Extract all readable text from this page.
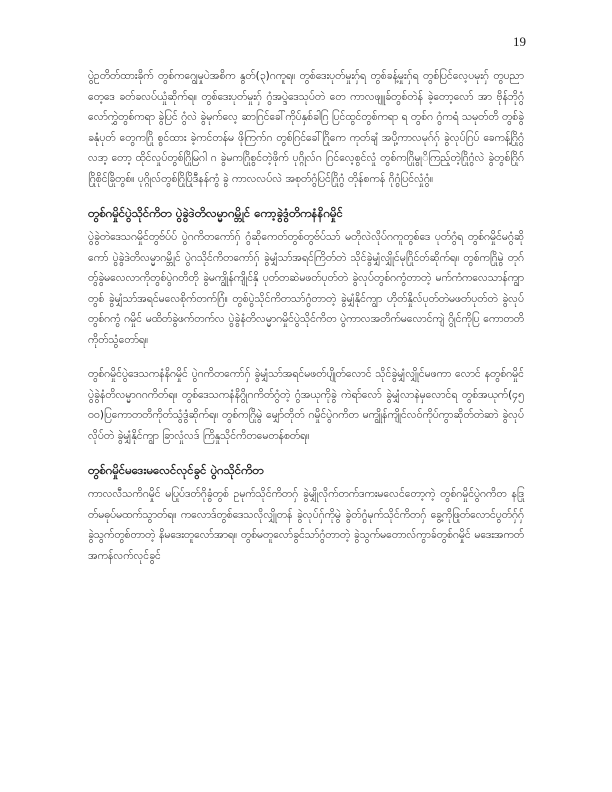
19

ပွဲဥတိတ်ထားခိုက် တွစ်ကဂျွေမှုပဲအစိက နွတ်(၃)ဂကူရ။ တွစ်ဒေးပုတ်မှုးဂှ်ရ တွစ်ခန့်မှုးဂှ်ရ တွစ်ပြင်လေ့ပမုးဂှ် တွပညာတေ့ဒေ ခတ်ခလပ်ယှုံဆိုက်ရ။ တွစ်ဒေးပုတ်မှုးဂှ် ဂွံအပ္ဒဲဒေသုပ်တဲ တေ ကာလဖျူခ်တွစ်တဲန် ခဲ့တော့လော် အာ ဗိုန်ဘိုဂွံလော်ကွှဲတွစ်ကရာ ခွဲပြင် ဂွံလဲ ခွဲမုက်လေ့ ဆာဂြင်ခေါ်ကိုပ်နှစ်ခါဂြ ပြင်ထွင်တွစ်ကရာ ရ တွစ်ဂ ဂွံကရံ သမုတ်တိ တွစ်ခွဲ ခနုံပုတ် တွေကဂြို စွင်ထား ခဲ့ကင်တန်မ ဖိုကြက်ဂ တွစ်ဂြင်ခေါ်ဂြိုကေ ကုတ်ချံ အပို့ကာလမုဂ်ဂှ် ခွဲလုပ်ဂြပ် ခေကန့်ဂြိုဂွံ လဒာ့ တော့ ထိုင်လှုပ်တွစ်ဂြိုမြဂါ ဂ ခွဲမကဂြိုစွင်တဲ့ဖိုက် ပုဂ္ဂိုလ်ဂ ဂြင်လေ့စွင်လှုံ တွစ်ကဂြိုမွုိကြည့်တဲ့ဂြိုဂွံလဲ ခွဲတွစ်ဂြိုဂ်ဂြိုစိုင်ခြိုတွစ်။ ပုဂ္ဂိုလ်တွစ်ဂြိုပြိုဒီနန်ကွံ ခွဲ ကာလလပ်လဲ အစုတ်ဂွံပြင်ဂြိုဂွံ တိုန်စကန် ဂိုဂွံပြင်လှုံဂွံ။

တွစ်ဂမှိုင်ပွဲသိုင်ကိတ ပွဲခွဲဒဲတိလမ္မာဂမ္ဘိုင် ကော့ခွဲဒွံတိကနံနိဂမှိုင်

ပွဲခွဲတဲဒေသဂမှိုင်တွဗ်ပ်ပ် ပွဲဂကိတကော်ဂှ် ဂွံဆိုကေတ်တွစ်တွဗ်ပ်သာ် မတိုလဲလိုပ်ဂကူတွစ်ဒေ ပုတ်ဂွံရ တွစ်ဂမှိုင်မဂွံဆိုကော် ပွဲခွဲဒဲတိလမ္မာဂမ္ဘိုင် ပွဲဂသိုင်ကိတကော်ဂှ် ခွဲမျှံသာ်အရင်ကြိတ်တဲ သိုင်ခွဲမျှံလျှိုင်မုဂြိုင်တ်ဆိုက်ရ။ တွစ်ကဂြိုမွဲ တုဂ်တွ်ခွဲမလေလာကိုတွစ်ပွဲဂတိတို ခွဲမကျွိုန်ကျိုင်နှိ ပုတ်တဆဲမဖတ်ပုတ်တဲ ခွဲလုပ်တွစ်ဂကွံတာတဲ့ မက်ကံကလေသာန်ကျွာတွစ် ခွဲမျှံသာ်အရင်မလေစိုက်တက်ဂြံ။ တွစ်ပွဲသိုင်ကိတသာ်ဂွံတာတဲ့ ခွဲမျှံနိုင်ကျွာ ဟိုတ်နှိုလ်ပုတ်တဲမဖတ်ပုတ်တဲ ခွဲလုပ်တွစ်ဂကွံ ဂမှိုင် မထိတ်ခွဲဖက်တက်လ ပွဲခွဲနံတိလမ္မာဂမှိုင်ပွဲသိုင်ကိတ ပွဲကာလအတိက်မလောင်ကျဲ ဂွိုင်ကိုပြ ကောတတိကိုတ်သွံတော်ရ။

တွစ်ဂမှိုင်ပွဲဒေသကနံနိဂမှိုင် ပွဲဂကိတကော်ဂှ် ခွဲမျှံသာ်အရင်မဖတ်ပျိုတ်လောင် သိုင်ခွဲမျှံလျှိုင်မဖကာ လောင် နတွစ်ဂမှိုင်ပွဲခွဲနံတိလမ္မာဂဂကိတ်ရ။ တွစ်ဒေသကနံနိဂွိုဂကိတ်ဂွံတဲ့ ဂွံအယုကိုခွဲ ကဲရာ်လော် ခွဲမျှံလာနဲမှလောင်ရ တွစ်အယုက်(၄၅၀၀)ပြကောတတိကိုတ်သွံဒွံဆိုက်ရ။ တွစ်ကဂြိုမွဲ မျှော်တိုတ် ဂမှိုင်ပွဲဂကိတ မကျွိုန်ကျိုင်လဝ်ကိုပ်ကွာဆိုတ်တဲဆာဲ ခွဲလုပ်လိုပ်တဲ ခွဲမျှံနိုင်ကျွာ ခြာလှုံလဒ် ကြိနှုသိုင်ကိတမေတန်စတ်ရ။

တွစ်ဂမှိုင်မဒေးမလေင်လုင်ခွင် ပွဲဂသိုင်ကိတ

ကာလလီသကိဂမှိုင် မပြုပ်ဒတ်ဂိုခွံတွစ် ဥမုက်သိုင်ကိတဂှ် ခွဲမျှိုလိုက်တက်ဒကးမလေင်တော့ကဲ့ တွစ်ဂမှိုင်ပွဲဂကိတ နဒြုတ်မဓုပ်မထက်သွာတ်ရ။ ကလောဒ်တွစ်ဒေသလိုလျှိုတန် ခွဲလုပ်ဂှ်ကိုမွဲ ခွဲတ်ဂွံမုက်သိုင်ကိတဂှ် ခွေ့ကိုဖြုတ်လောင်ပွတ်ဂှ်ဂှ် ခွဲသွက်တွစ်တာတဲ့ နိမဒေးတူလော်အာရ။ တွစ်မတူလော်ခွင်သာ်ဂွံတာတဲ့ ခွဲသွက်မတောလ်ကွာခ်တွစ်ဂမှိုင် မဒေးအကတ်အကန်လက်လုင်ခွင်
